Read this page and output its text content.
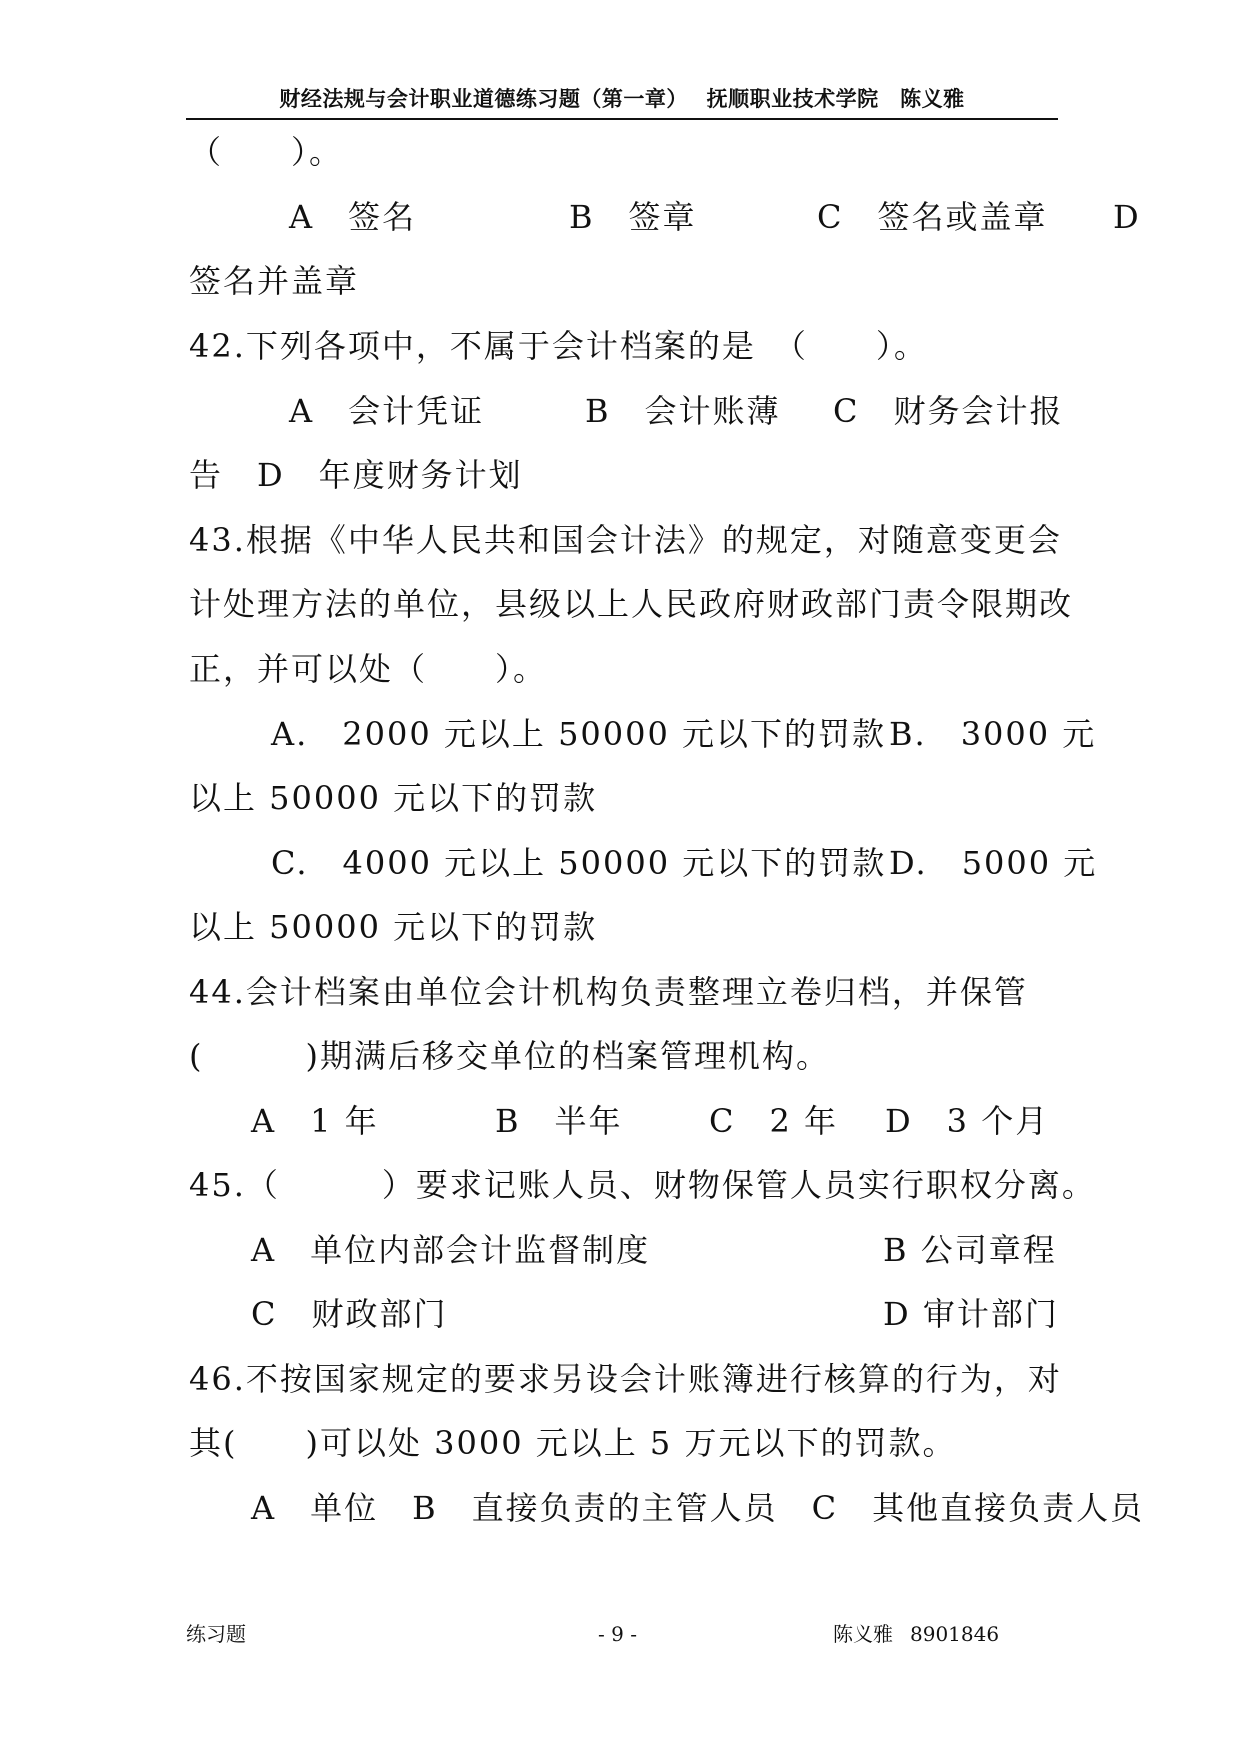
财经法规与会计职业道德练习题（第一章）　 抚顺职业技术学院　陈义雅
（　　）。
A　签名	B　签章	C　签名或盖章 D
签名并盖章
42.下列各项中，不属于会计档案的是　（　　）。
A　会计凭证	B　会计账薄 C　财务会计报
告　D　年度财务计划
43.根据《中华人民共和国会计法》的规定，对随意变更会
计处理方法的单位，县级以上人民政府财政部门责令限期改
正，并可以处（　　）。
A.　2000 元以上 50000 元以下的罚款 B.　3000 元
以上 50000 元以下的罚款
C.　4000 元以上 50000 元以下的罚款 D.　5000 元
以上 50000 元以下的罚款
44.会计档案由单位会计机构负责整理立卷归档，并保管
(　　　)期满后移交单位的档案管理机构。
A　1 年	B　半年	C　2 年 D　3 个月
45.（　　　）要求记账人员、财物保管人员实行职权分离。
A　单位内部会计监督制度	B 公司章程
C　财政部门	D 审计部门
46.不按国家规定的要求另设会计账簿进行核算的行为，对
其(　　)可以处 3000 元以上 5 万元以下的罚款。
A　单位　B　直接负责的主管人员　C　其他直接负责人员
练习题	- 9 -	陈义雅 8901846
